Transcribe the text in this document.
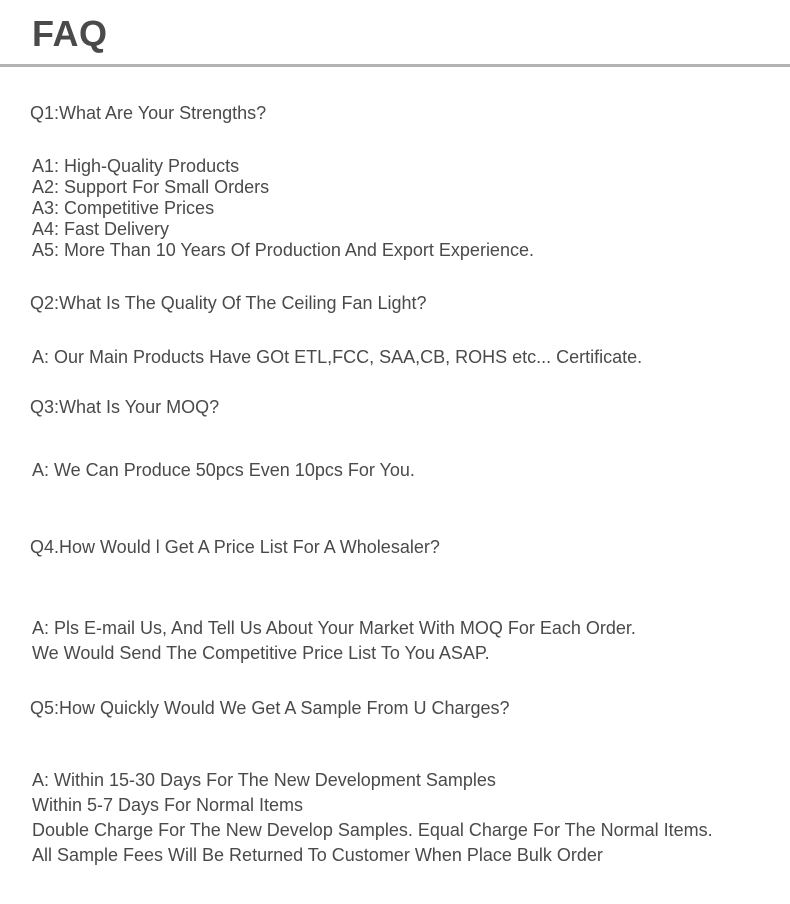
FAQ

Q1:What Are Your Strengths?

A1: High-Quality Products
A2: Support For Small Orders
A3: Competitive Prices
A4: Fast Delivery
A5: More Than 10 Years Of Production And Export Experience.

Q2:What Is The Quality Of The Ceiling Fan Light?

A: Our Main Products Have GOt ETL,FCC, SAA,CB, ROHS etc... Certificate.

Q3:What Is Your MOQ?

A: We Can Produce 50pcs Even 10pcs For You.

Q4.How Would l Get A Price List For A Wholesaler?

A: Pls E-mail Us, And Tell Us About Your Market With MOQ For Each Order.
We Would Send The Competitive Price List To You ASAP.

Q5:How Quickly Would We Get A Sample From U Charges?

A: Within 15-30 Days For The New Development Samples
Within 5-7 Days For Normal Items
Double Charge For The New Develop Samples. Equal Charge For The Normal Items.
All Sample Fees Will Be Returned To Customer When Place Bulk Order
